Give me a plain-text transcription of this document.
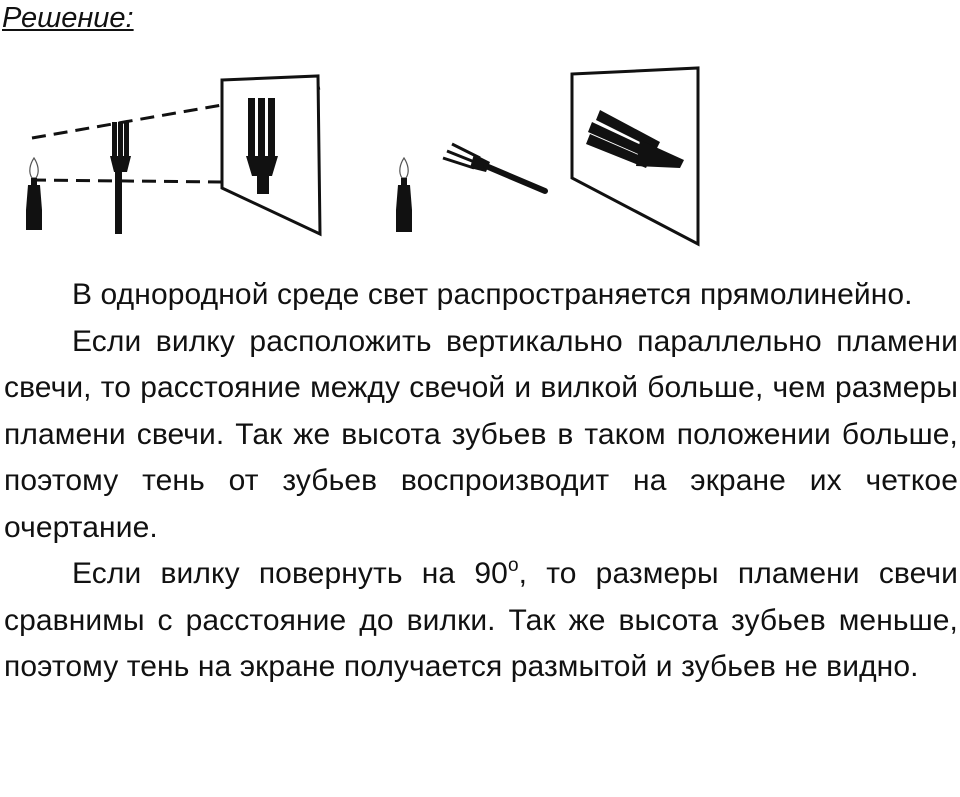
Решение:

В однородной среде свет распространяется прямолинейно.

Если вилку расположить вертикально параллельно пламени свечи, то расстояние между свечой и вилкой больше, чем размеры пламени свечи. Так же высота зубьев в таком положении больше, поэтому тень от зубьев воспроизводит на экране их четкое очертание.

Если вилку повернуть на $90^о$, то размеры пламени свечи сравнимы с расстояние до вилки. Так же высота зубьев меньше, поэтому тень на экране получается размытой и зубьев не видно.
